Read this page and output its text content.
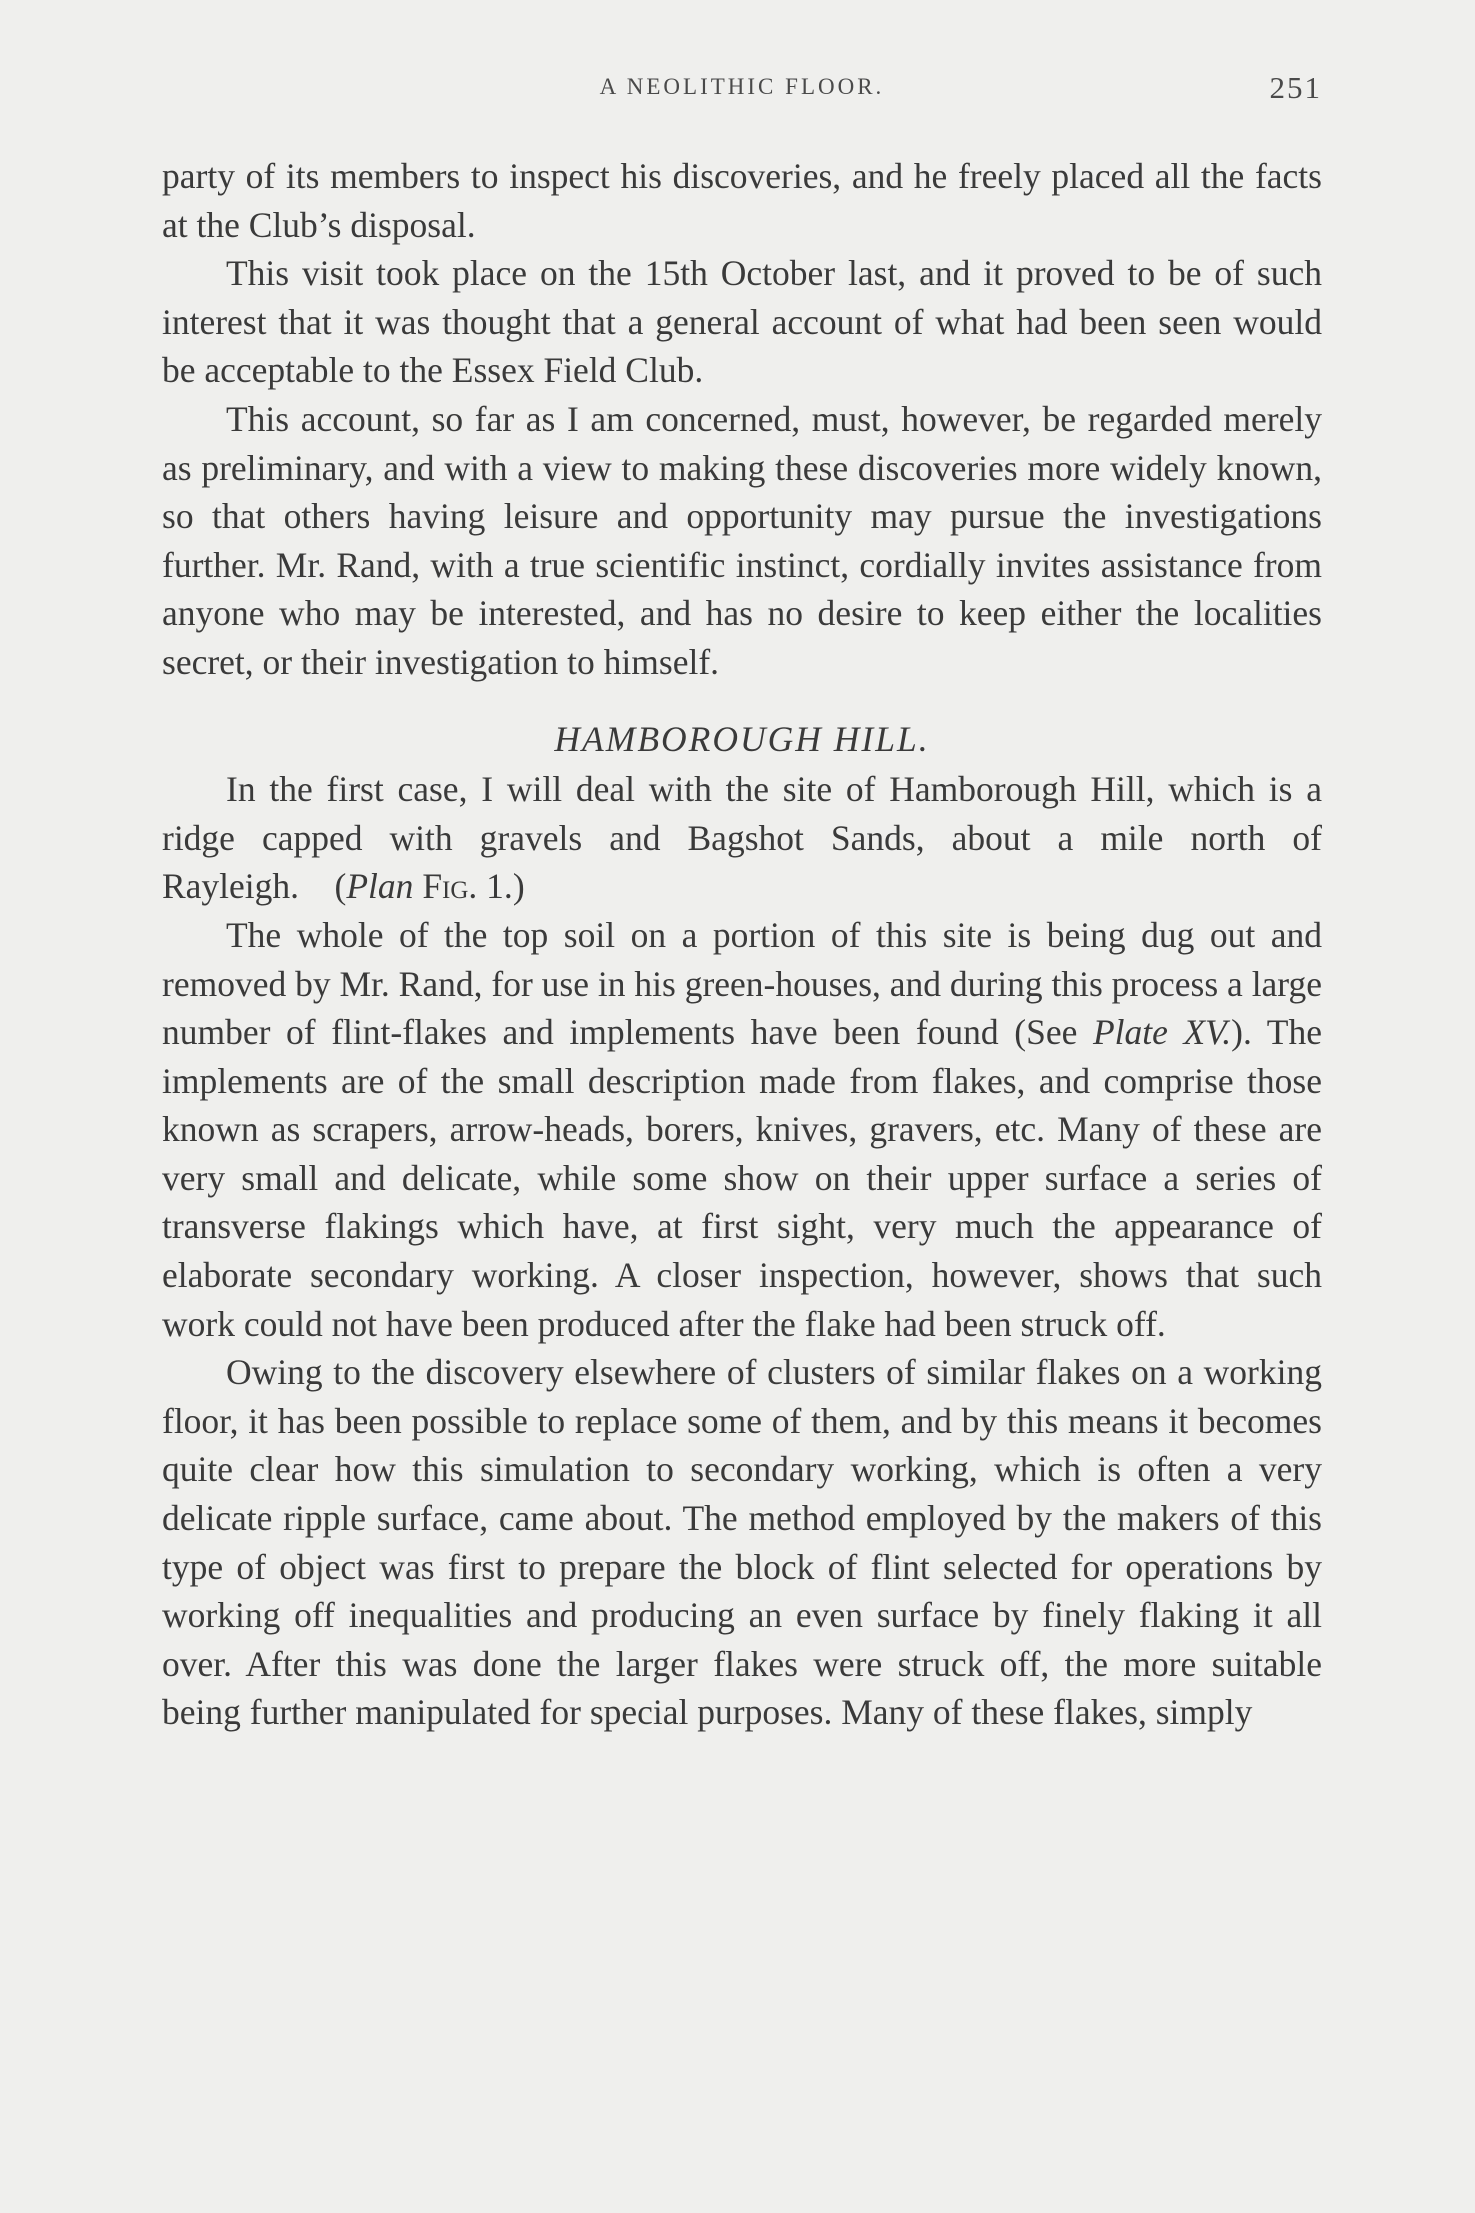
A NEOLITHIC FLOOR.	251

party of its members to inspect his discoveries, and he freely placed all the facts at the Club’s disposal.

This visit took place on the 15th October last, and it proved to be of such interest that it was thought that a general account of what had been seen would be acceptable to the Essex Field Club.

This account, so far as I am concerned, must, however, be regarded merely as preliminary, and with a view to making these discoveries more widely known, so that others having leisure and opportunity may pursue the investigations further. Mr. Rand, with a true scientific instinct, cordially invites assistance from anyone who may be interested, and has no desire to keep either the localities secret, or their investigation to himself.

HAMBOROUGH HILL.

In the first case, I will deal with the site of Hamborough Hill, which is a ridge capped with gravels and Bagshot Sands, about a mile north of Rayleigh. (Plan Fig. 1.)

The whole of the top soil on a portion of this site is being dug out and removed by Mr. Rand, for use in his green-houses, and during this process a large number of flint-flakes and implements have been found (See Plate XV.). The implements are of the small description made from flakes, and comprise those known as scrapers, arrow-heads, borers, knives, gravers, etc. Many of these are very small and delicate, while some show on their upper surface a series of transverse flakings which have, at first sight, very much the appearance of elaborate secondary working. A closer inspection, however, shows that such work could not have been produced after the flake had been struck off.

Owing to the discovery elsewhere of clusters of similar flakes on a working floor, it has been possible to replace some of them, and by this means it becomes quite clear how this simulation to secondary working, which is often a very delicate ripple surface, came about. The method employed by the makers of this type of object was first to prepare the block of flint selected for operations by working off inequalities and producing an even surface by finely flaking it all over. After this was done the larger flakes were struck off, the more suitable being further manipulated for special purposes. Many of these flakes, simply
